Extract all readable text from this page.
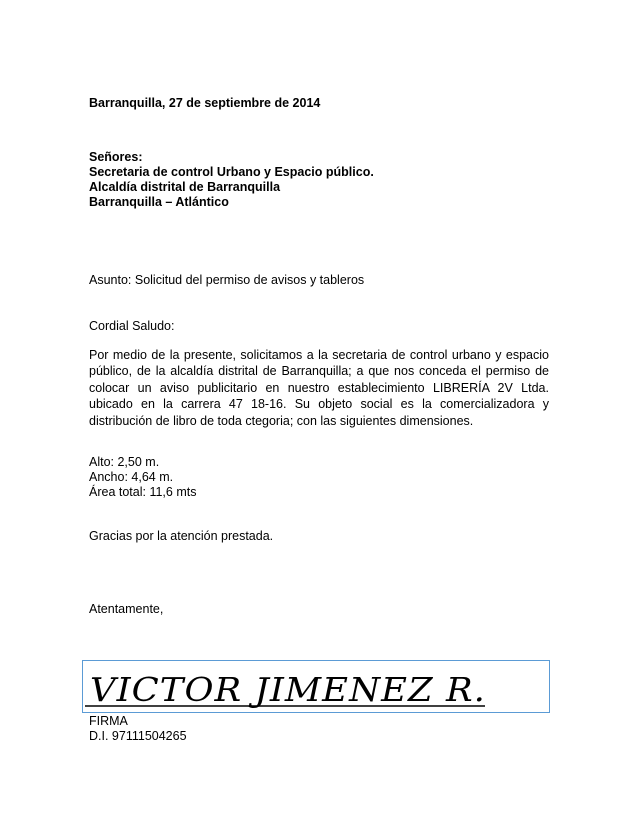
Barranquilla, 27 de septiembre de 2014
Señores:
Secretaria de control Urbano y Espacio público.
Alcaldía distrital de Barranquilla
Barranquilla – Atlántico
Asunto: Solicitud del permiso de avisos y tableros
Cordial Saludo:
Por medio de la presente, solicitamos a la secretaria de control urbano y espacio público, de la alcaldía distrital de Barranquilla; a que nos conceda el permiso de colocar un aviso publicitario en nuestro establecimiento LIBRERÍA 2V Ltda. ubicado en la carrera 47 18-16. Su objeto social es la comercializadora y distribución de libro de toda ctegoria; con las siguientes dimensiones.
Alto: 2,50 m.
Ancho: 4,64 m.
Área total: 11,6 mts
Gracias por la atención prestada.
Atentamente,
VICTOR JIMENEZ R.
FIRMA
D.I. 97111504265
